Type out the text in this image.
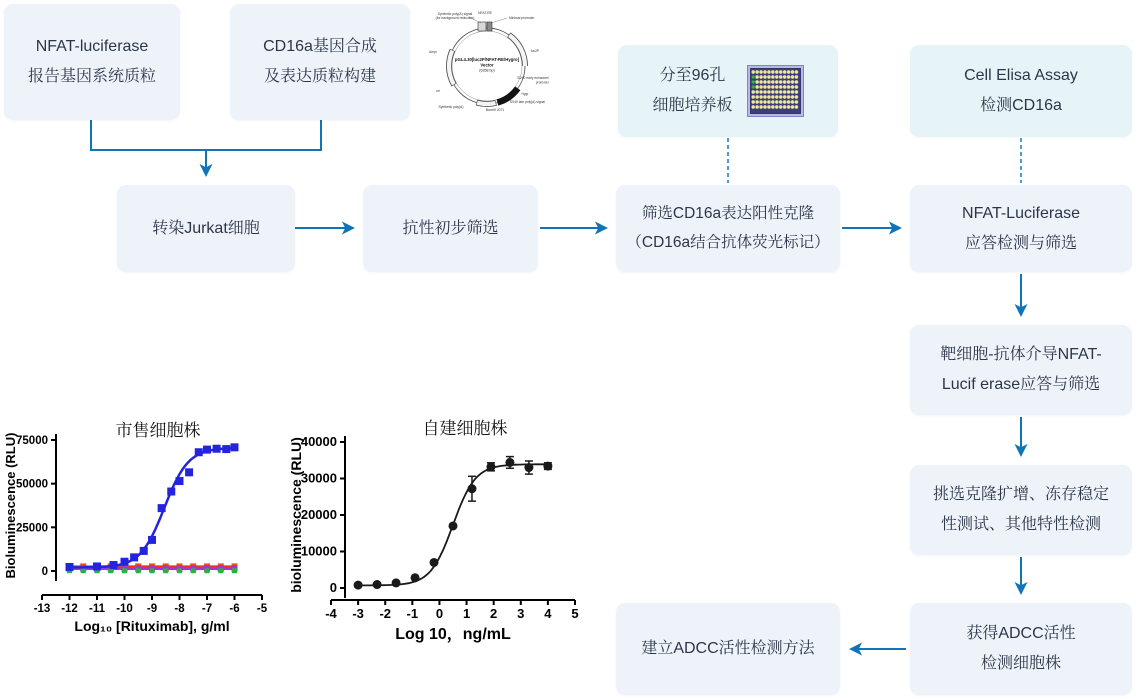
NFAT-luciferase
报告基因系统质粒
CD16a基因合成
及表达质粒构建
Synthetic poly(A) signal
(for background reduction)
NFAT-RE
Minimal promoter
luc2P
SV40 early enhancer/
promoter
Hygr
SV40 late poly(A) signal
BamHI 2071
Synthetic poly(A)
ori
Ampr
pGL4.30[luc2P/NFAT-RE/Hygro]
Vector
(6358 bp)	分至96孔
细胞培养板
Cell Elisa Assay
检测CD16a
转染Jurkat细胞	抗性初步筛选
筛选CD16a表达阳性克隆
（CD16a结合抗体荧光标记）
NFAT-Luciferase
应答检测与筛选
靶细胞-抗体介导NFAT-
Lucif erase应答与筛选
挑选克隆扩增、冻存稳定
性测试、其他特性检测
获得ADCC活性
检测细胞株
建立ADCC活性检测方法
0
25000
50000
75000
-13 -12 -11 -10 -9 -8 -7 -6 -5
Log₁₀ [Rituximab], g/ml
Bioluminescence (RLU)
市售细胞株
0
10000
20000
30000
40000
-4 -3 -2 -1 0 1 2 3 4 5
Log 10，ng/mL
bioluminescence (RLU)
自建细胞株
